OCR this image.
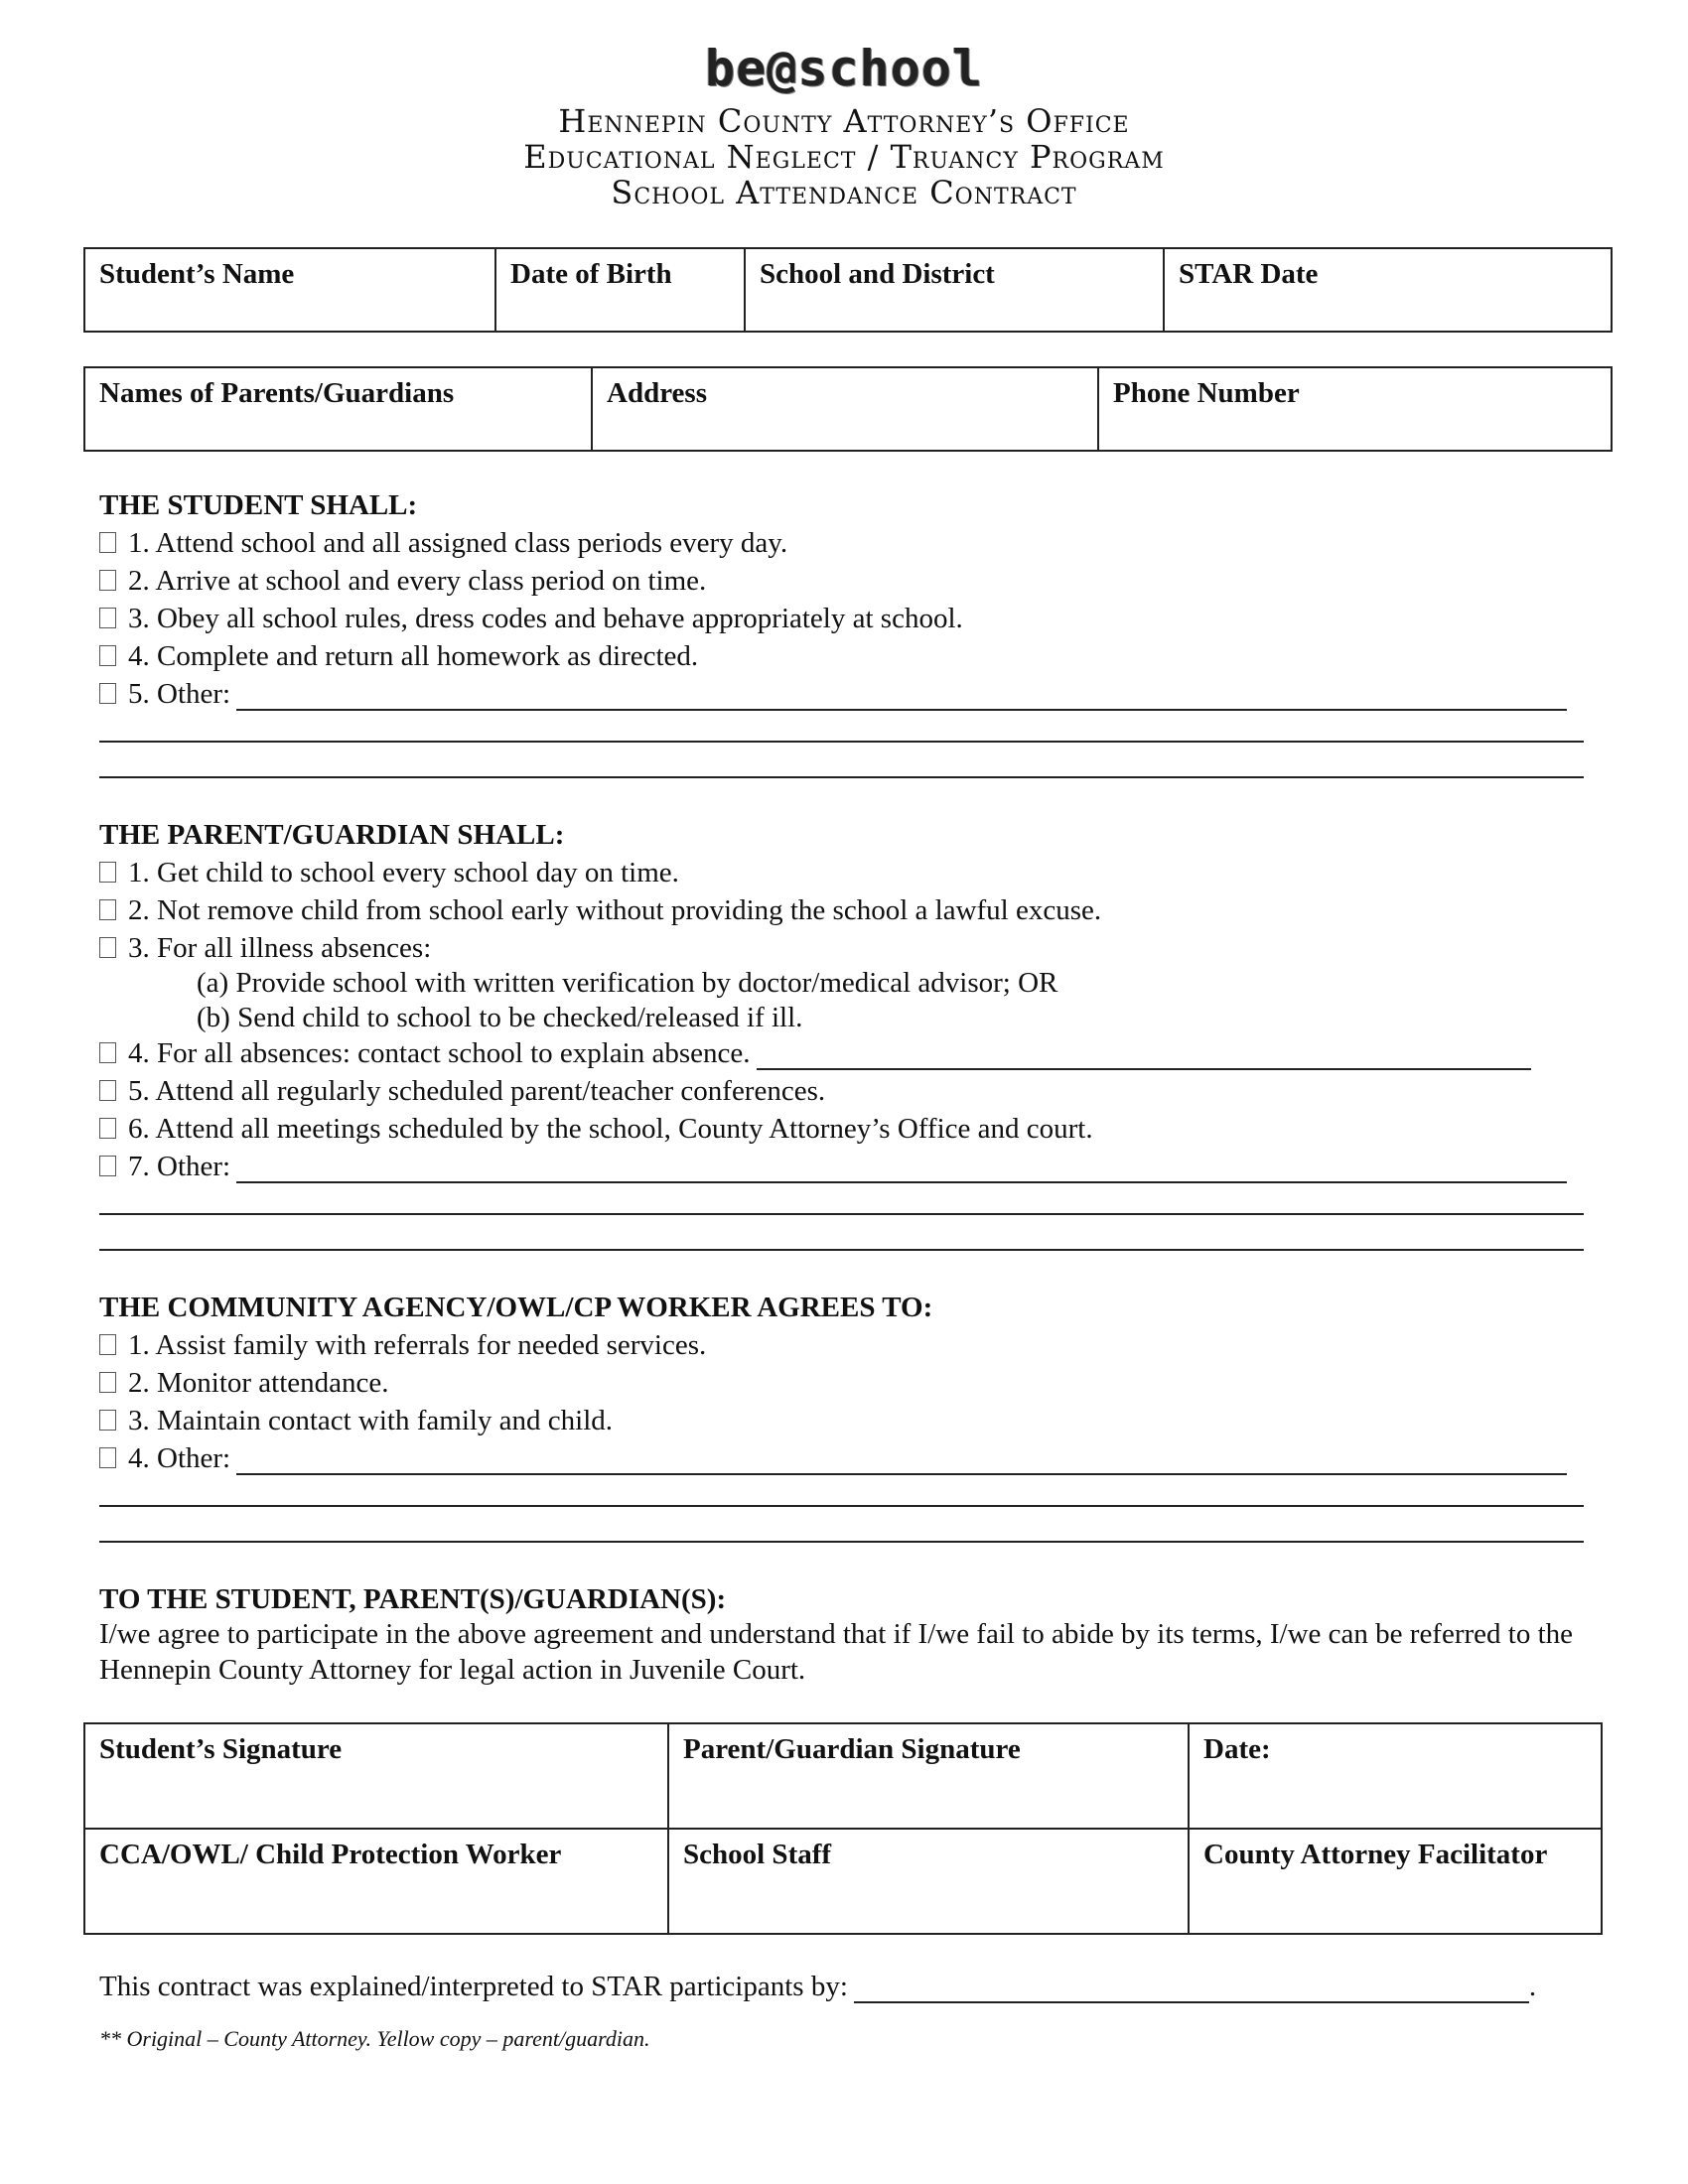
be@school
Hennepin County Attorney’s Office
Educational Neglect / Truancy Program
School Attendance Contract
Student’s Name	Date of Birth	School and District	STAR Date
Names of Parents/Guardians	Address	Phone Number
THE STUDENT SHALL:
1. Attend school and all assigned class periods every day.
2. Arrive at school and every class period on time.
3. Obey all school rules, dress codes and behave appropriately at school.
4. Complete and return all homework as directed.
5. Other:
THE PARENT/GUARDIAN SHALL:
1. Get child to school every school day on time.
2. Not remove child from school early without providing the school a lawful excuse.
3. For all illness absences:
(a) Provide school with written verification by doctor/medical advisor; OR
(b) Send child to school to be checked/released if ill.
4. For all absences: contact school to explain absence.
5. Attend all regularly scheduled parent/teacher conferences.
6. Attend all meetings scheduled by the school, County Attorney’s Office and court.
7. Other:
THE COMMUNITY AGENCY/OWL/CP WORKER AGREES TO:
1. Assist family with referrals for needed services.
2. Monitor attendance.
3. Maintain contact with family and child.
4. Other:
TO THE STUDENT, PARENT(S)/GUARDIAN(S):
I/we agree to participate in the above agreement and understand that if I/we fail to abide by its terms, I/we can be referred to the Hennepin County Attorney for legal action in Juvenile Court.
Student’s Signature	Parent/Guardian Signature	Date:
CCA/OWL/ Child Protection Worker	School Staff	County Attorney Facilitator
This contract was explained/interpreted to STAR participants by:	.
** Original – County Attorney. Yellow copy – parent/guardian.
